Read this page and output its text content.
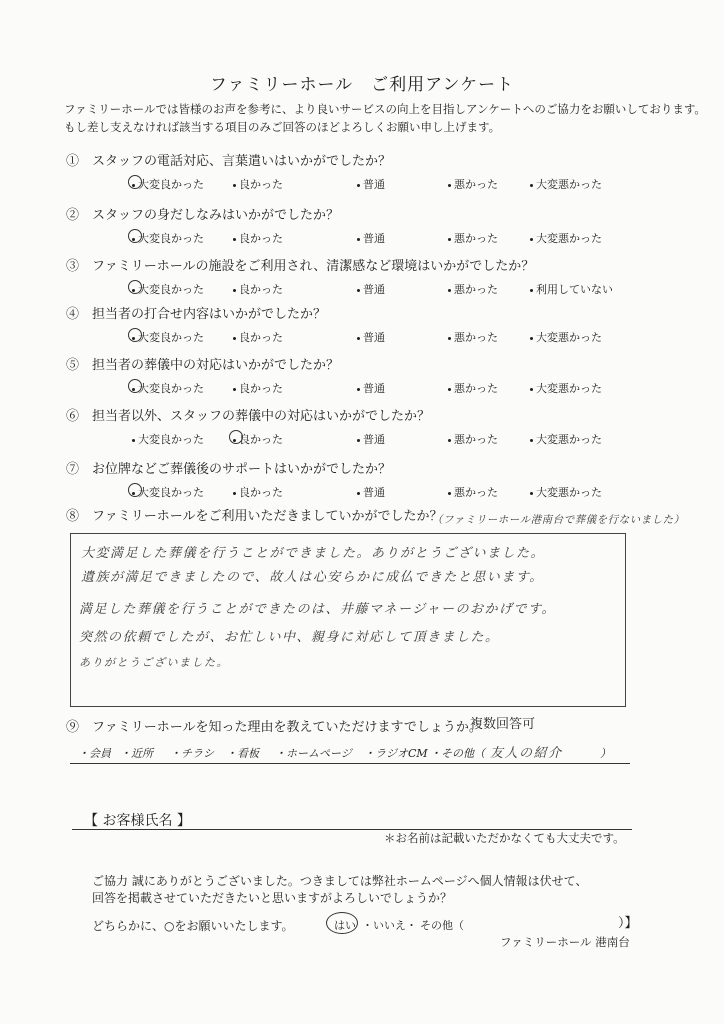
ファミリーホール　ご利用アンケート
ファミリーホールでは皆様のお声を参考に、より良いサービスの向上を目指しアンケートへのご協力をお願いしております。
もし差し支えなければ該当する項目のみご回答のほどよろしくお願い申し上げます。
①　スタッフの電話対応、言葉遣いはいかがでしたか？
大変良かった	良かった	普通	悪かった	大変悪かった
②　スタッフの身だしなみはいかがでしたか？
大変良かった	良かった	普通	悪かった	大変悪かった
③　ファミリーホールの施設をご利用され、清潔感など環境はいかがでしたか？
大変良かった	良かった	普通	悪かった	利用していない
④　担当者の打合せ内容はいかがでしたか？
大変良かった	良かった	普通	悪かった	大変悪かった
⑤　担当者の葬儀中の対応はいかがでしたか？
大変良かった	良かった	普通	悪かった	大変悪かった
⑥　担当者以外、スタッフの葬儀中の対応はいかがでしたか？
大変良かった	良かった	普通	悪かった	大変悪かった
⑦　お位牌などご葬儀後のサポートはいかがでしたか？
大変良かった	良かった	普通	悪かった	大変悪かった
⑧　ファミリーホールをご利用いただきましていかがでしたか？
（ファミリーホール港南台で葬儀を行ないました）
大変満足した葬儀を行うことができました。ありがとうございました。
遺族が満足できましたので、故人は心安らかに成仏できたと思います。
満足した葬儀を行うことができたのは、井藤マネージャーのおかげです。
突然の依頼でしたが、お忙しい中、親身に対応して頂きました。
ありがとうございました。
⑨　ファミリーホールを知った理由を教えていただけますでしょうか。
複数回答可
・会員 ・近所 ・チラシ ・看板 ・ホームページ ・ラジオCM ・その他（ 友人の紹介	）
【 お客様氏名 】
＊お名前は記載いただかなくても大丈夫です。
ご協力 誠にありがとうございました。つきましては弊社ホームページへ個人情報は伏せて、
回答を掲載させていただきたいと思いますがよろしいでしょうか？
どちらかに、○をお願いいたします。	はい ・いいえ・ その他（	）】
ファミリーホール 港南台
